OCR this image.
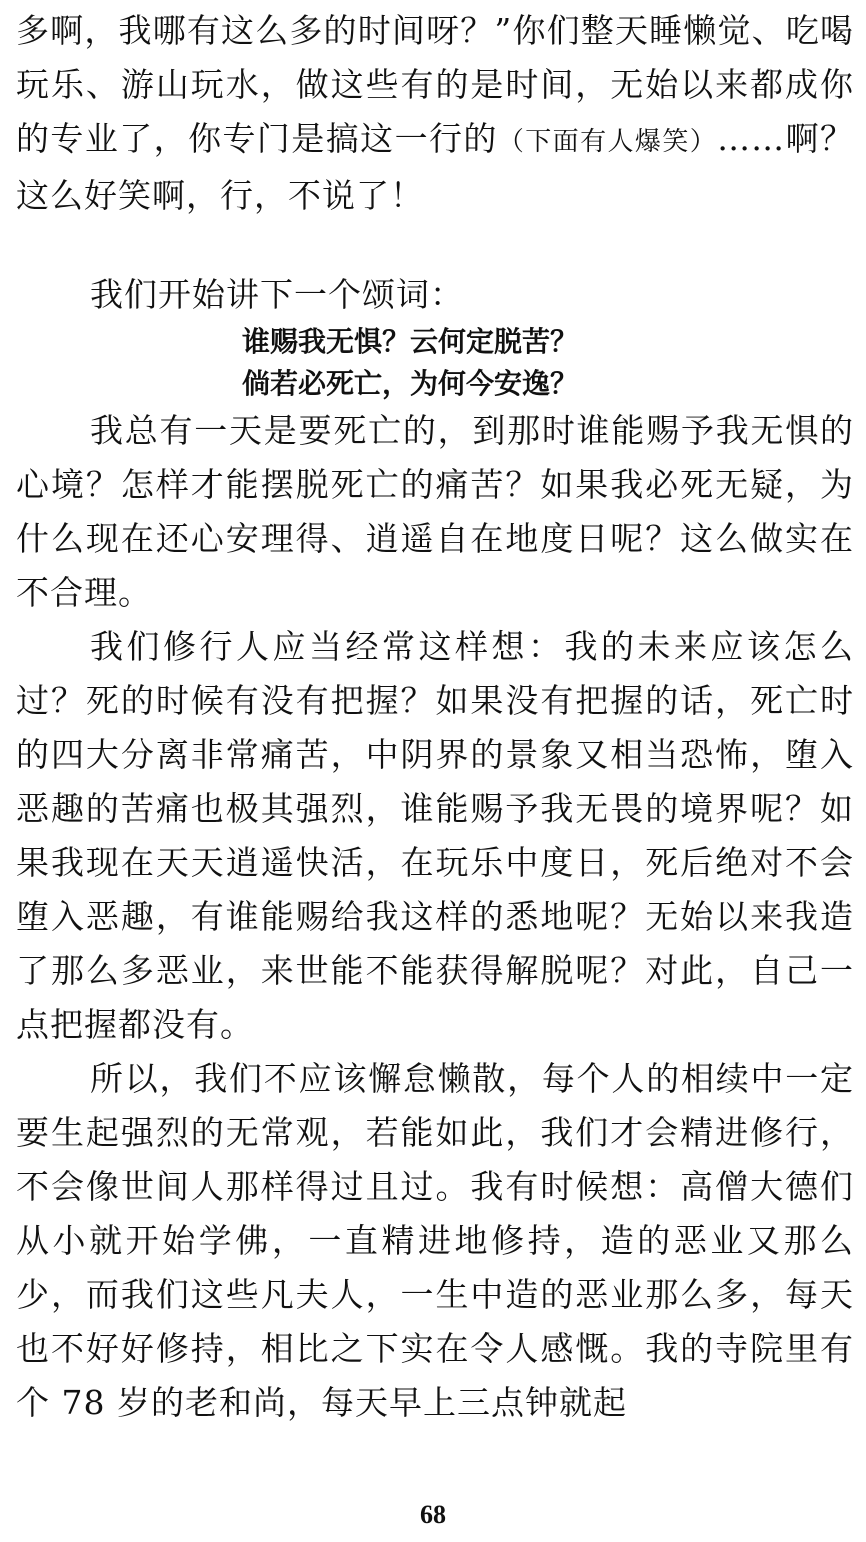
多啊，我哪有这么多的时间呀？”你们整天睡懒觉、吃喝玩乐、游山玩水，做这些有的是时间，无始以来都成你的专业了，你专门是搞这一行的（下面有人爆笑）……啊？这么好笑啊，行，不说了！

我们开始讲下一个颂词：

谁赐我无惧？云何定脱苦？

倘若必死亡，为何今安逸？

我总有一天是要死亡的，到那时谁能赐予我无惧的心境？怎样才能摆脱死亡的痛苦？如果我必死无疑，为什么现在还心安理得、逍遥自在地度日呢？这么做实在不合理。

我们修行人应当经常这样想：我的未来应该怎么过？死的时候有没有把握？如果没有把握的话，死亡时的四大分离非常痛苦，中阴界的景象又相当恐怖，堕入恶趣的苦痛也极其强烈，谁能赐予我无畏的境界呢？如果我现在天天逍遥快活，在玩乐中度日，死后绝对不会堕入恶趣，有谁能赐给我这样的悉地呢？无始以来我造了那么多恶业，来世能不能获得解脱呢？对此，自己一点把握都没有。

所以，我们不应该懈怠懒散，每个人的相续中一定要生起强烈的无常观，若能如此，我们才会精进修行，不会像世间人那样得过且过。我有时候想：高僧大德们从小就开始学佛，一直精进地修持，造的恶业又那么少，而我们这些凡夫人，一生中造的恶业那么多，每天也不好好修持，相比之下实在令人感慨。我的寺院里有个 78 岁的老和尚，每天早上三点钟就起

68
